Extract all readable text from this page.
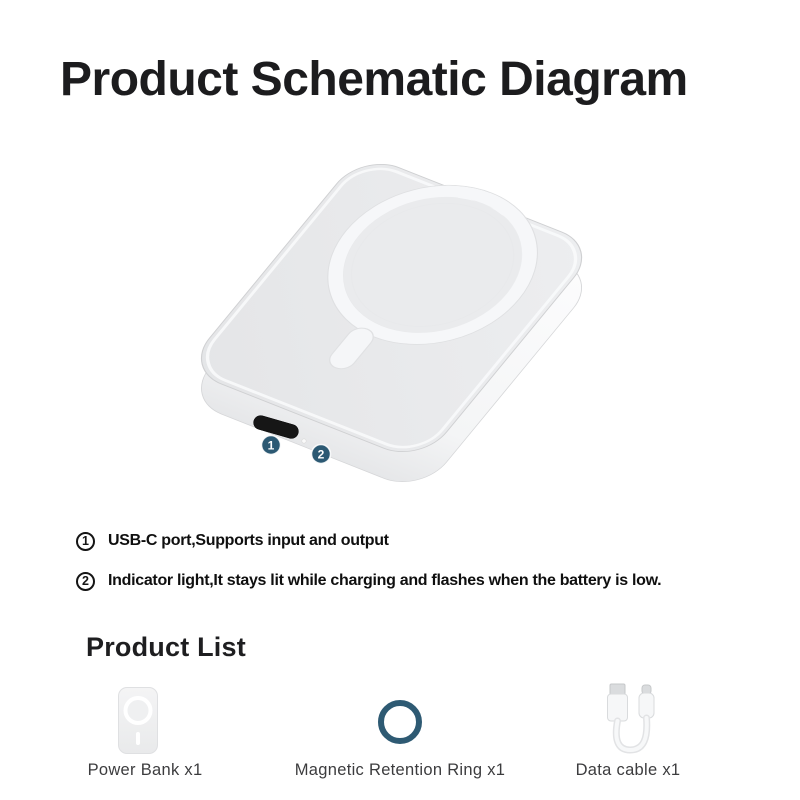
Product Schematic Diagram
1
2
1	USB-C port,Supports input and output
2	Indicator light,It stays lit while charging and flashes when the battery is low.
Product List
Power Bank x1	Magnetic Retention Ring x1	Data cable x1
